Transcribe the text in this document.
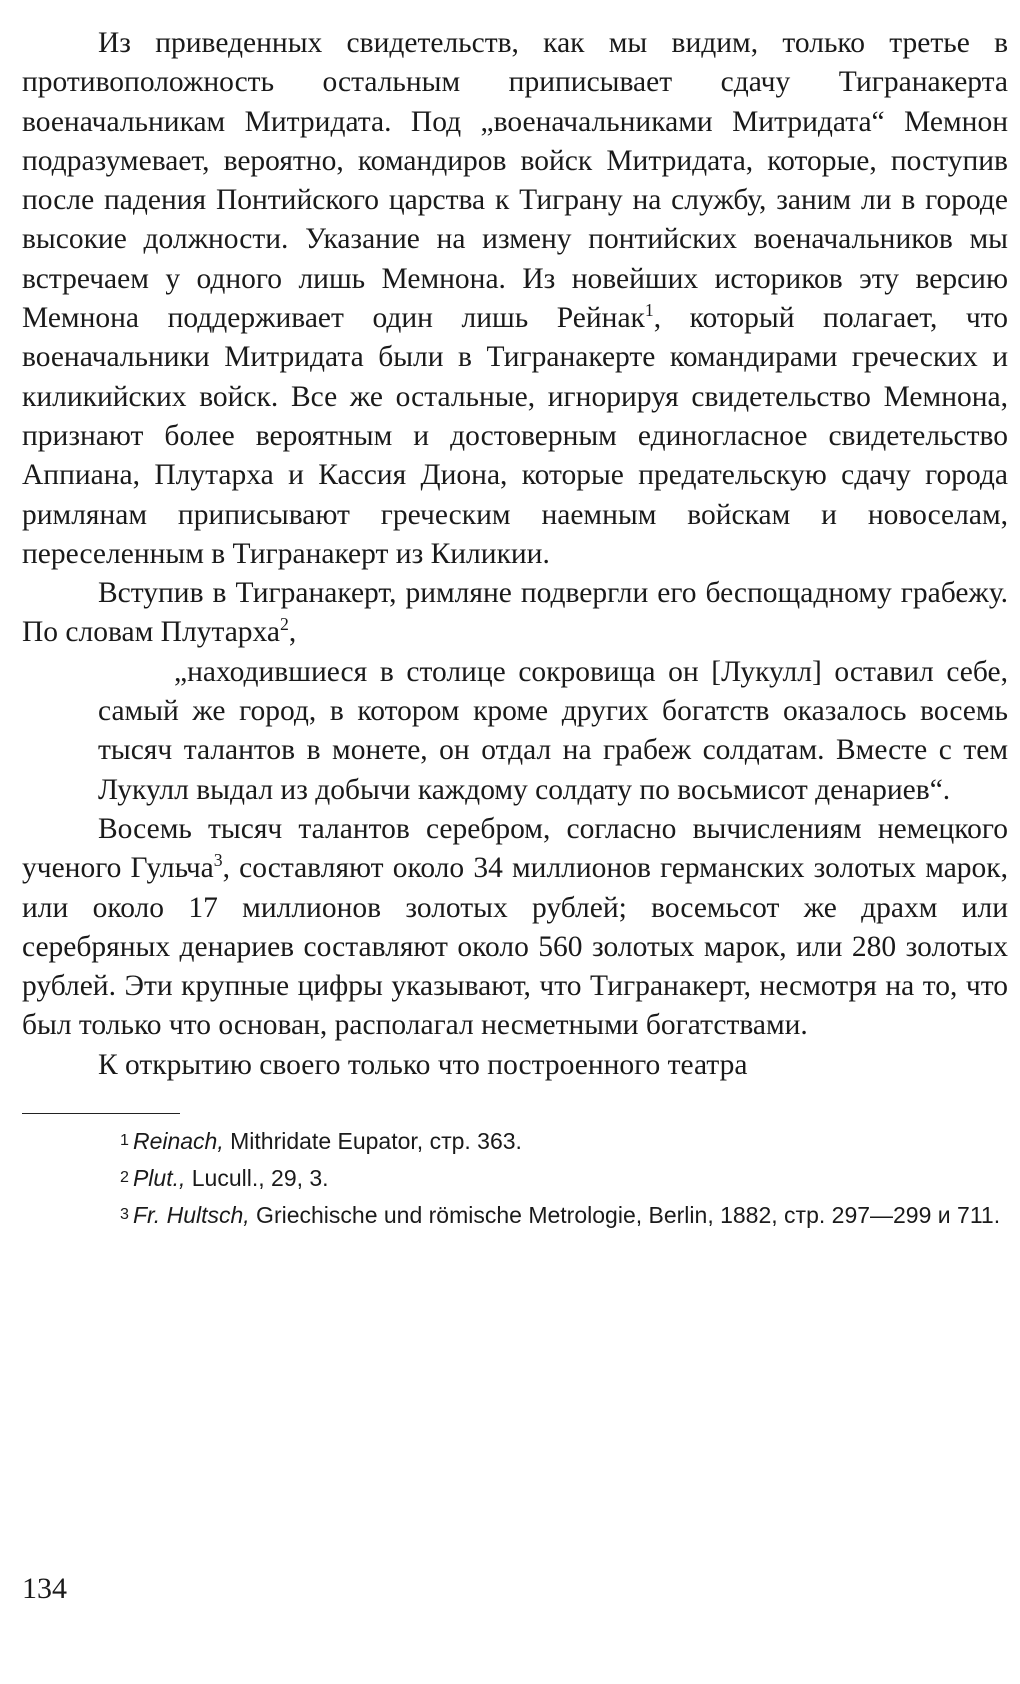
Из приведенных свидетельств, как мы видим, только третье в противоположность остальным приписывает сдачу Тигранакерта военачальникам Митридата. Под „военачальниками Митридата“ Мемнон подразумевает, вероятно, командиров войск Митридата, которые, поступив после падения Понтийского царства к Тиграну на службу, заним ли в городе высокие должности. Указание на измену понтийских военачальников мы встречаем у одного лишь Мемнона. Из новейших историков эту версию Мемнона поддерживает один лишь Рейнак$^1$, который полагает, что военачальники Митридата были в Тигранакерте командирами греческих и киликийских войск. Все же остальные, игнорируя свидетельство Мемнона, признают более вероятным и достоверным единогласное свидетельство Аппиана, Плутарха и Кассия Диона, которые предательскую сдачу города римлянам приписывают греческим наемным войскам и новоселам, переселенным в Тигранакерт из Киликии.

Вступив в Тигранакерт, римляне подвергли его беспощадному грабежу. По словам Плутарха$^2$,

„находившиеся в столице сокровища он [Лукулл] оставил себе, самый же город, в котором кроме других богатств оказалось восемь тысяч талантов в монете, он отдал на грабеж солдатам. Вместе с тем Лукулл выдал из добычи каждому солдату по восьмисот денариев“.

Восемь тысяч талантов серебром, согласно вычислениям немецкого ученого Гульча$^3$, составляют около 34 миллионов германских золотых марок, или около 17 миллионов золотых рублей; восемьсот же драхм или серебряных денариев составляют около 560 золотых марок, или 280 золотых рублей. Эти крупные цифры указывают, что Тигранакерт, несмотря на то, что был только что основан, располагал несметными богатствами.

К открытию своего только что построенного театра

1 Reinach, Mithridate Eupator, стр. 363.

2 Plut., Lucull., 29, 3.

3 Fr. Hultsch, Griechische und römische Metrologie, Berlin, 1882, стр. 297—299 и 711.

134
